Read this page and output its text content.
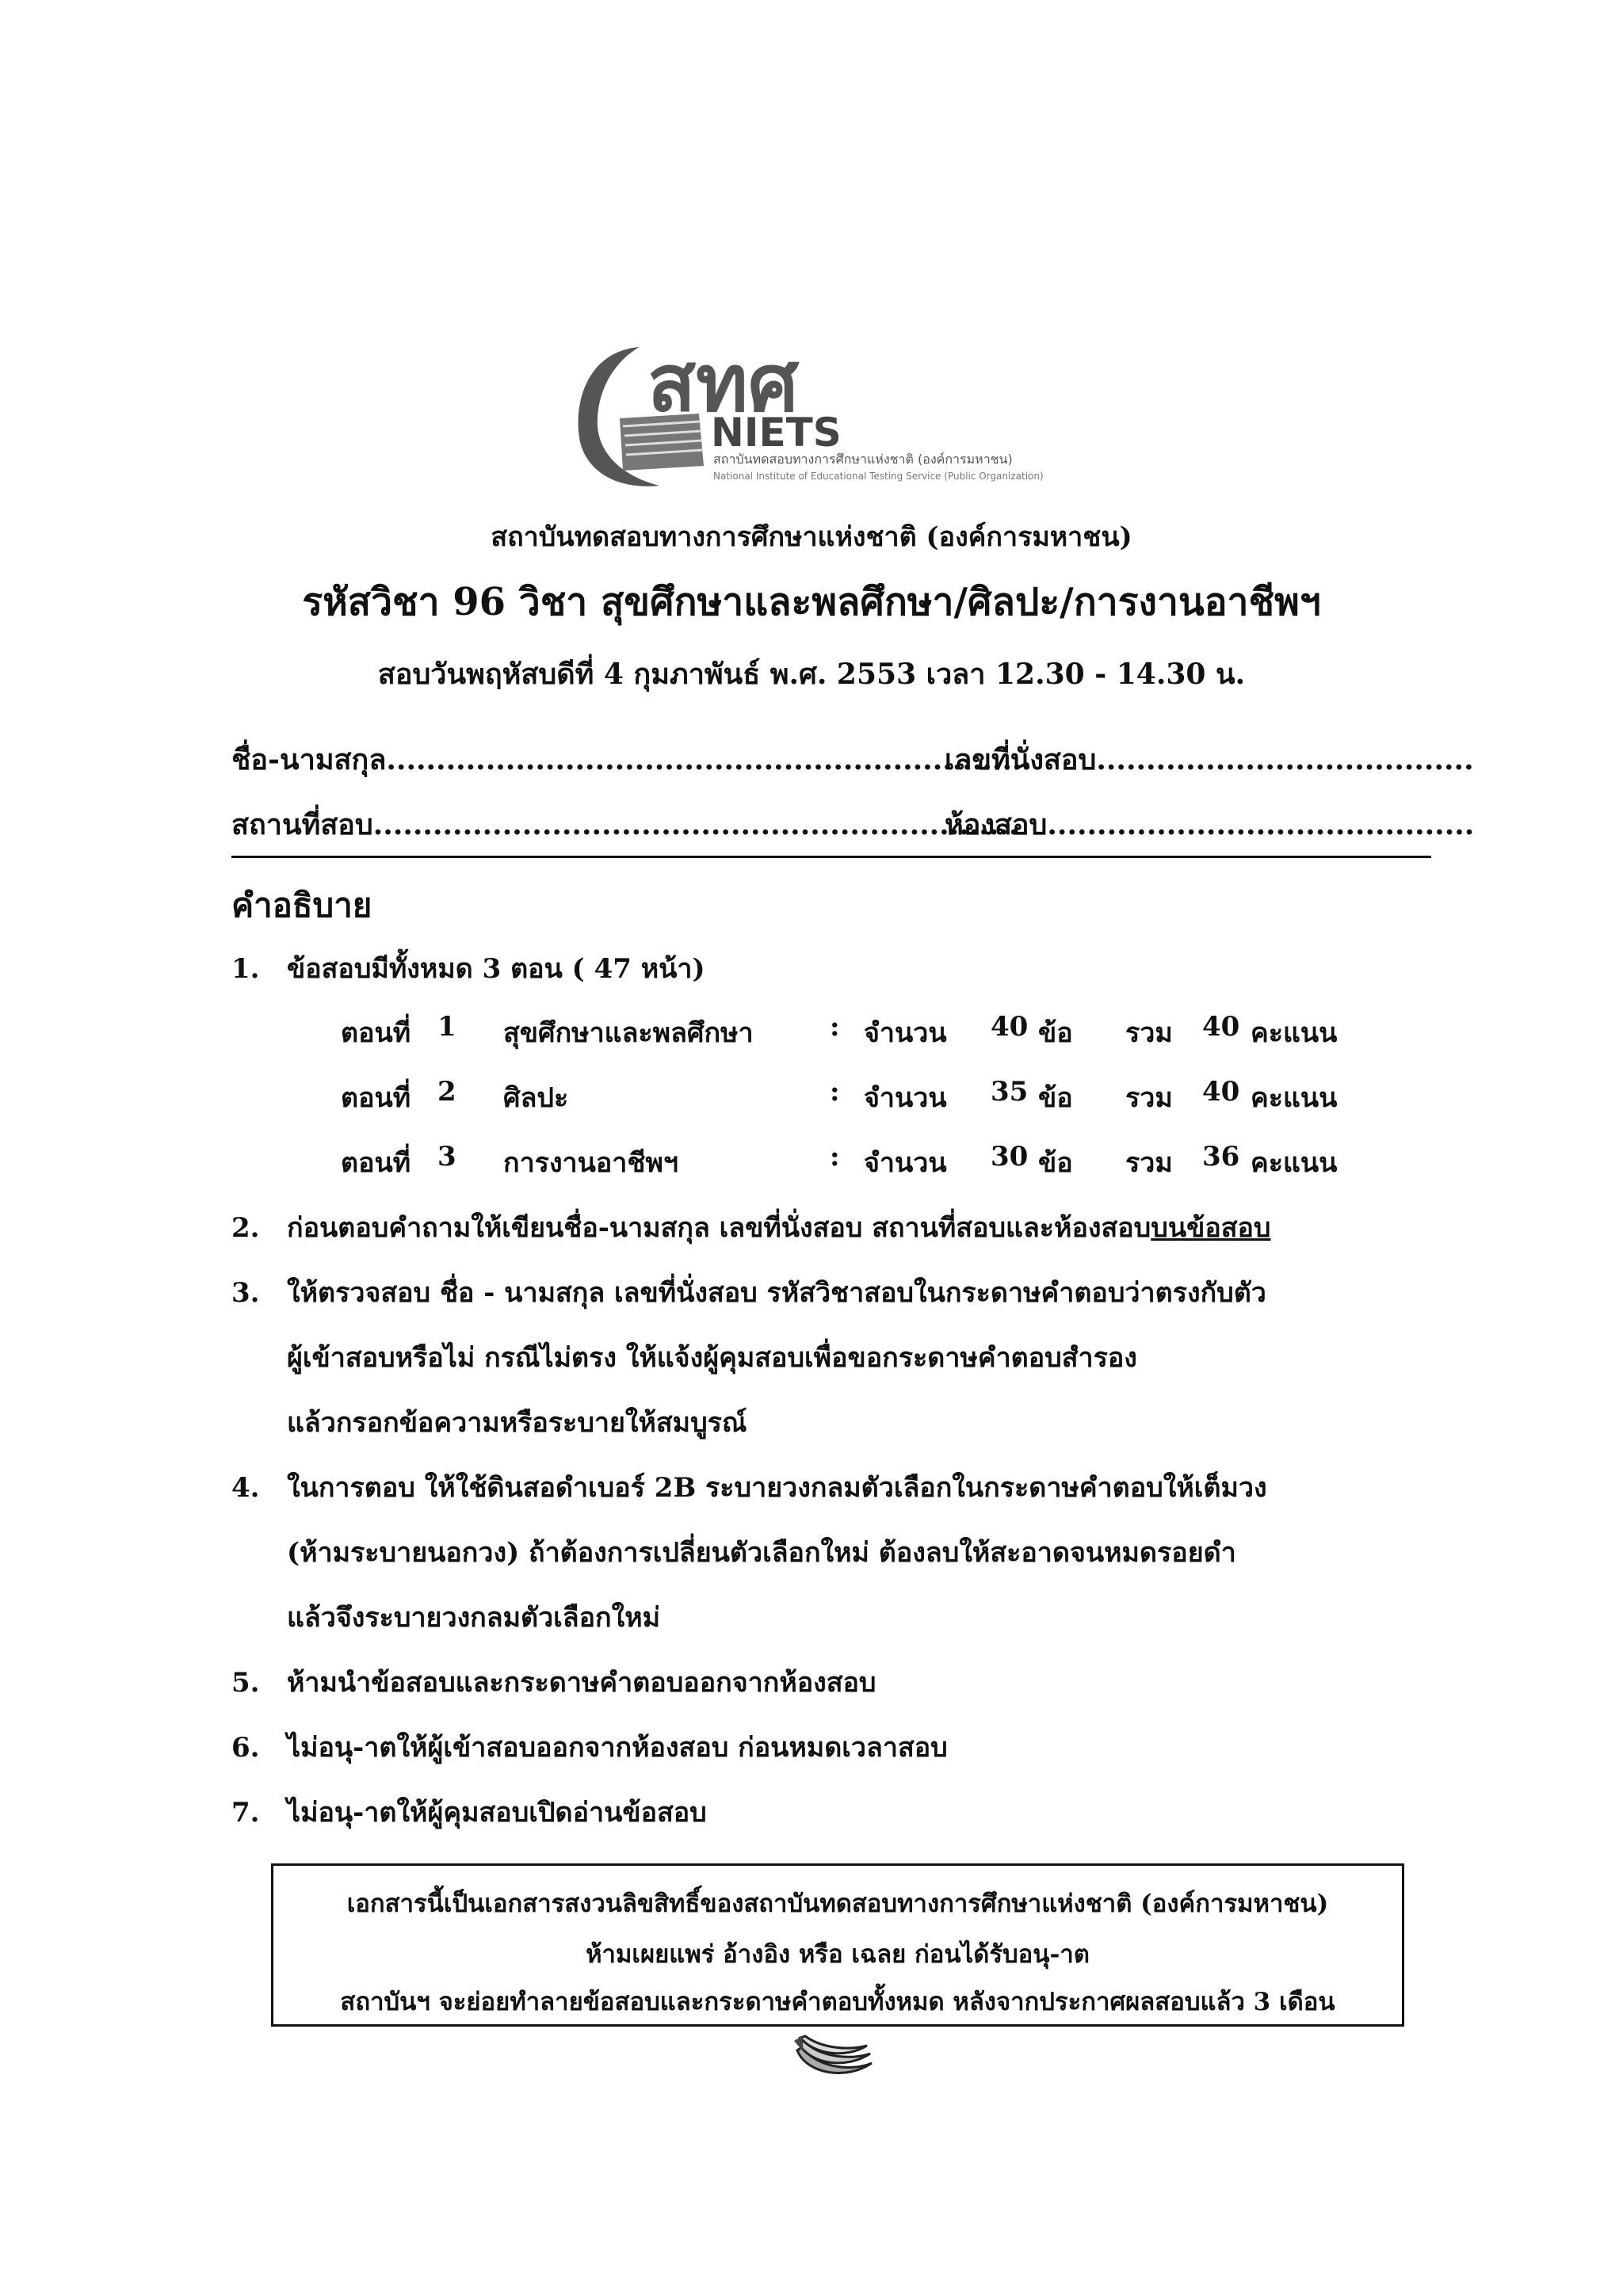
สทศ
NIETS
สถาบันทดสอบทางการศึกษาแห่งชาติ (องค์การมหาชน)
National Institute of Educational Testing Service (Public Organization)
สถาบันทดสอบทางการศึกษาแห่งชาติ (องค์การมหาชน)
รหัสวิชา 96 วิชา สุขศึกษาและพลศึกษา/ศิลปะ/การงานอาชีพฯ
สอบวันพฤหัสบดีที่ 4 กุมภาพันธ์ พ.ศ. 2553 เวลา 12.30 - 14.30 น.
ชื่อ-นามสกุล.................................................................
เลขที่นั่งสอบ......................................
สถานที่สอบ.................................................................
ห้องสอบ...........................................
คำอธิบาย
1. ข้อสอบมีทั้งหมด 3 ตอน ( 47 หน้า)
ตอนที่ 1 สุขศึกษาและพลศึกษา	: จำนวน 40 ข้อ รวม 40 คะแนน
ตอนที่ 2 ศิลปะ	: จำนวน 35 ข้อ รวม 40 คะแนน
ตอนที่ 3 การงานอาชีพฯ	: จำนวน 30 ข้อ รวม 36 คะแนน
2. ก่อนตอบคำถามให้เขียนชื่อ-นามสกุล เลขที่นั่งสอบ สถานที่สอบและห้องสอบบนข้อสอบ
3. ให้ตรวจสอบ ชื่อ - นามสกุล เลขที่นั่งสอบ รหัสวิชาสอบในกระดาษคำตอบว่าตรงกับตัว
ผู้เข้าสอบหรือไม่ กรณีไม่ตรง ให้แจ้งผู้คุมสอบเพื่อขอกระดาษคำตอบสำรอง
แล้วกรอกข้อความหรือระบายให้สมบูรณ์
4. ในการตอบ ให้ใช้ดินสอดำเบอร์ 2B ระบายวงกลมตัวเลือกในกระดาษคำตอบให้เต็มวง
(ห้ามระบายนอกวง) ถ้าต้องการเปลี่ยนตัวเลือกใหม่ ต้องลบให้สะอาดจนหมดรอยดำ
แล้วจึงระบายวงกลมตัวเลือกใหม่
5. ห้ามนำข้อสอบและกระดาษคำตอบออกจากห้องสอบ
6. ไม่อนุ-าตให้ผู้เข้าสอบออกจากห้องสอบ ก่อนหมดเวลาสอบ
7. ไม่อนุ-าตให้ผู้คุมสอบเปิดอ่านข้อสอบ
เอกสารนี้เป็นเอกสารสงวนลิขสิทธิ์ของสถาบันทดสอบทางการศึกษาแห่งชาติ (องค์การมหาชน)
ห้ามเผยแพร่ อ้างอิง หรือ เฉลย ก่อนได้รับอนุ-าต
สถาบันฯ จะย่อยทำลายข้อสอบและกระดาษคำตอบทั้งหมด หลังจากประกาศผลสอบแล้ว 3 เดือน
